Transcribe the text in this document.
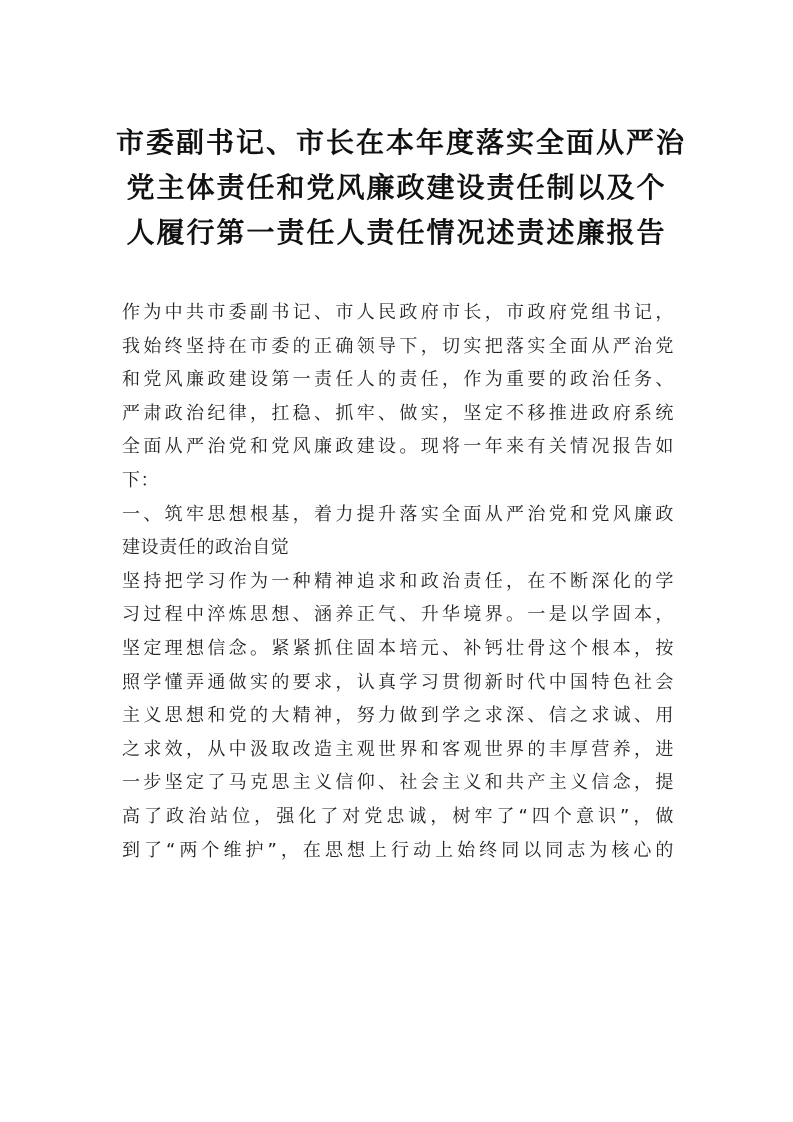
市委副书记、市长在本年度落实全面从严治
党主体责任和党风廉政建设责任制以及个
人履行第一责任人责任情况述责述廉报告
作为中共市委副书记、市人民政府市长，市政府党组书记，
我始终坚持在市委的正确领导下，切实把落实全面从严治党
和党风廉政建设第一责任人的责任，作为重要的政治任务、
严肃政治纪律，扛稳、抓牢、做实，坚定不移推进政府系统
全面从严治党和党风廉政建设。现将一年来有关情况报告如
下：
一、筑牢思想根基，着力提升落实全面从严治党和党风廉政
建设责任的政治自觉
坚持把学习作为一种精神追求和政治责任，在不断深化的学
习过程中淬炼思想、涵养正气、升华境界。一是以学固本，
坚定理想信念。紧紧抓住固本培元、补钙壮骨这个根本，按
照学懂弄通做实的要求，认真学习贯彻新时代中国特色社会
主义思想和党的大精神，努力做到学之求深、信之求诚、用
之求效，从中汲取改造主观世界和客观世界的丰厚营养，进
一步坚定了马克思主义信仰、社会主义和共产主义信念，提
高了政治站位，强化了对党忠诚，树牢了“四个意识”，做
到了“两个维护”，在思想上行动上始终同以同志为核心的
